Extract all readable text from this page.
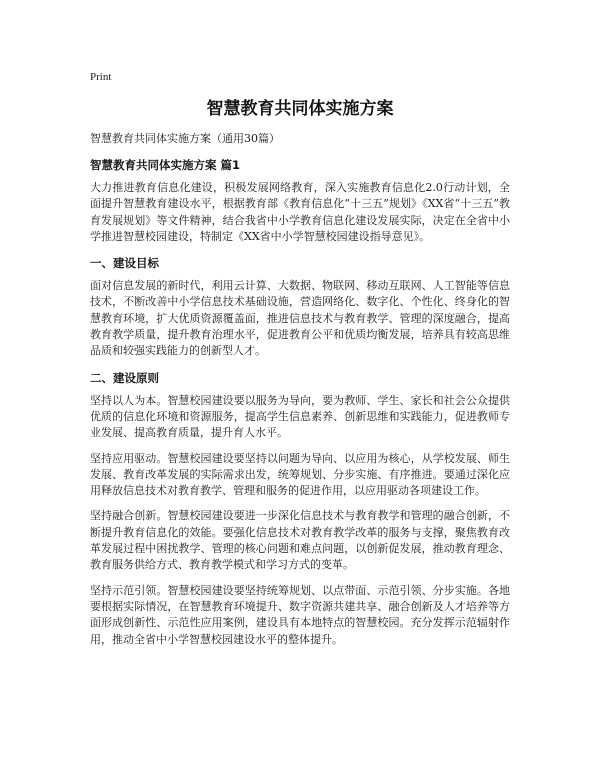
Print
智慧教育共同体实施方案
智慧教育共同体实施方案（通用30篇）
智慧教育共同体实施方案 篇1

大力推进教育信息化建设，积极发展网络教育，深入实施教育信息化2.0行动计划，全面提升智慧教育建设水平，根据教育部《教育信息化“十三五”规划》《XX省“十三五”教育发展规划》等文件精神，结合我省中小学教育信息化建设发展实际，决定在全省中小学推进智慧校园建设，特制定《XX省中小学智慧校园建设指导意见》。

一、建设目标

面对信息发展的新时代，利用云计算、大数据、物联网、移动互联网、人工智能等信息技术，不断改善中小学信息技术基础设施，营造网络化、数字化、个性化、终身化的智慧教育环境，扩大优质资源覆盖面，推进信息技术与教育教学、管理的深度融合，提高教育教学质量，提升教育治理水平，促进教育公平和优质均衡发展，培养具有较高思维品质和较强实践能力的创新型人才。

二、建设原则

坚持以人为本。智慧校园建设要以服务为导向，要为教师、学生、家长和社会公众提供优质的信息化环境和资源服务，提高学生信息素养、创新思维和实践能力，促进教师专业发展、提高教育质量，提升育人水平。

坚持应用驱动。智慧校园建设要坚持以问题为导向、以应用为核心，从学校发展、师生发展、教育改革发展的实际需求出发，统筹规划、分步实施、有序推进。要通过深化应用释放信息技术对教育教学、管理和服务的促进作用，以应用驱动各项建设工作。

坚持融合创新。智慧校园建设要进一步深化信息技术与教育教学和管理的融合创新，不断提升教育信息化的效能。要强化信息技术对教育教学改革的服务与支撑，聚焦教育改革发展过程中困扰教学、管理的核心问题和难点问题，以创新促发展，推动教育理念、教育服务供给方式、教育教学模式和学习方式的变革。

坚持示范引领。智慧校园建设要坚持统筹规划、以点带面、示范引领、分步实施。各地要根据实际情况，在智慧教育环境提升、数字资源共建共享、融合创新及人才培养等方面形成创新性、示范性应用案例，建设具有本地特点的智慧校园。充分发挥示范辐射作用，推动全省中小学智慧校园建设水平的整体提升。
